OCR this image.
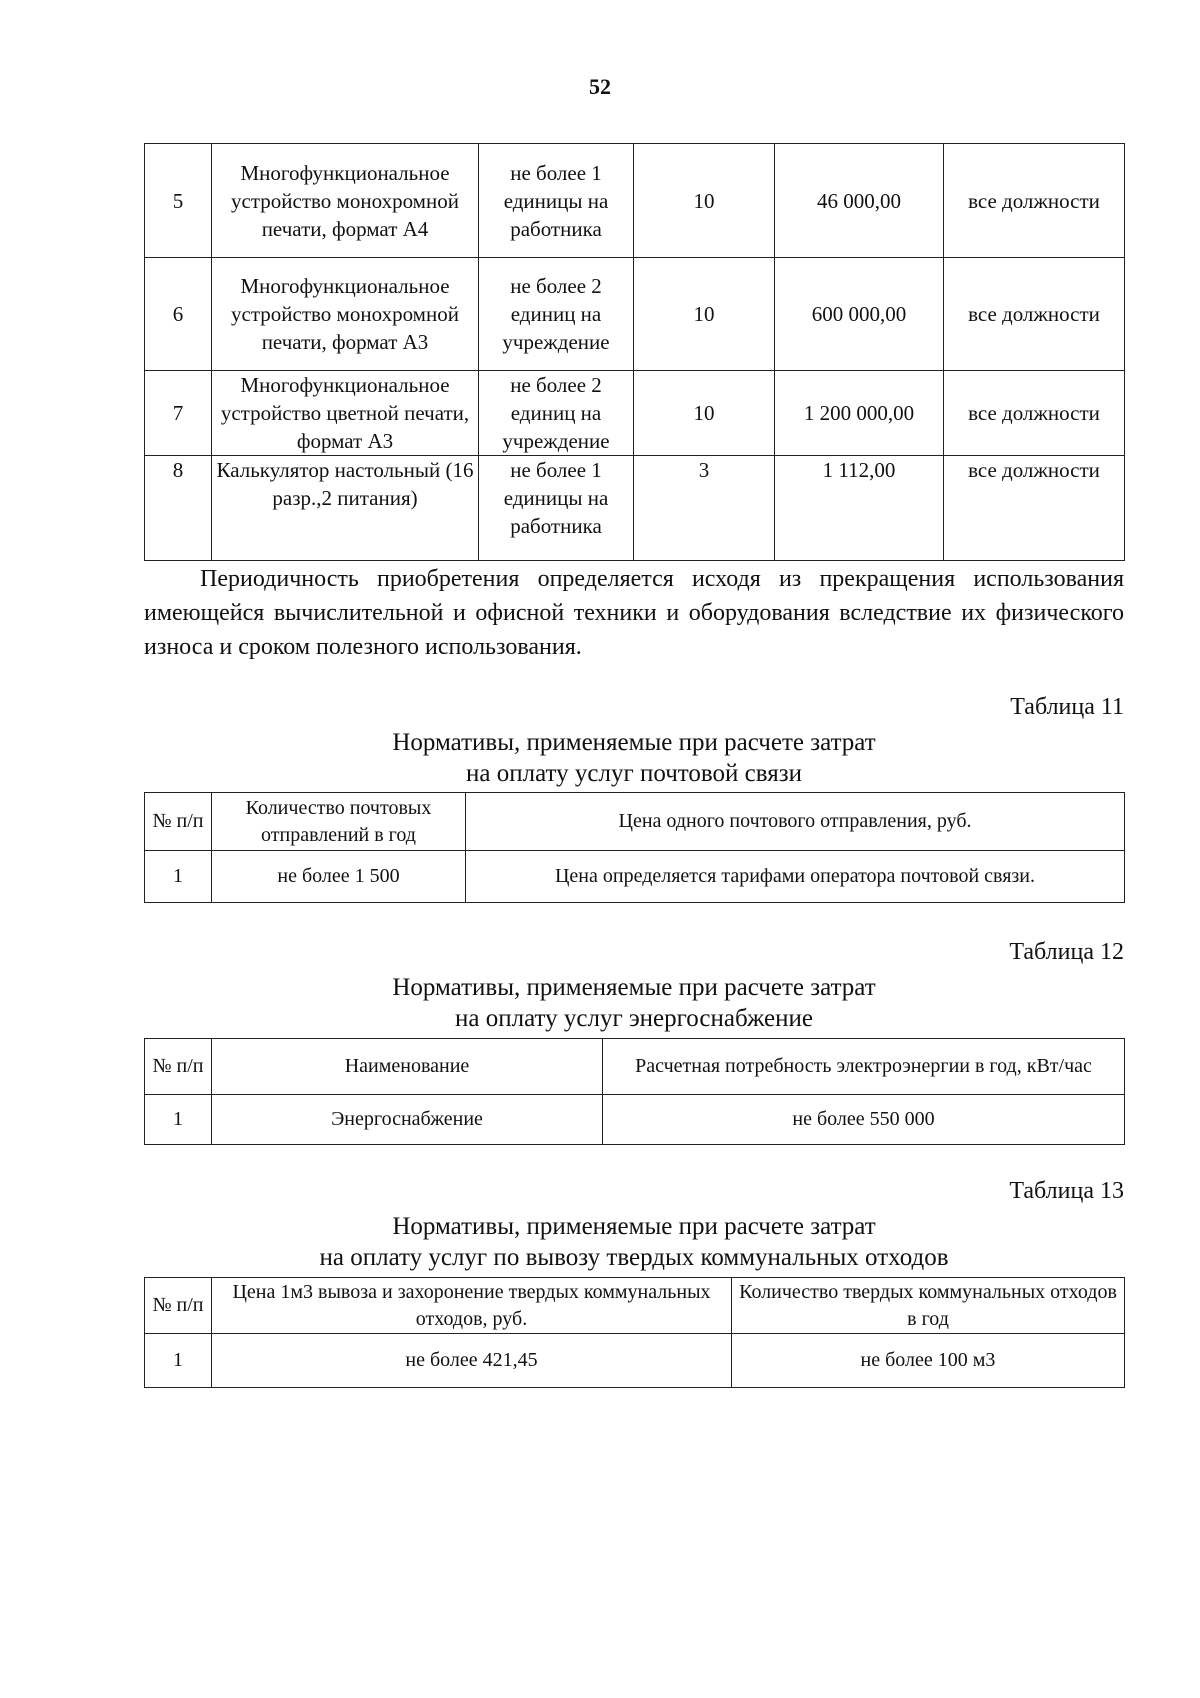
52
5	Многофункциональное устройство монохромной печати, формат А4	не более 1 единицы на работника	10	46 000,00	все должности
6	Многофункциональное устройство монохромной печати, формат А3	не более 2 единиц на учреждение	10	600 000,00	все должности
7	Многофункциональное устройство цветной печати, формат А3	не более 2 единиц на учреждение	10	1 200 000,00	все должности
8	Калькулятор настольный (16 разр.,2 питания)	не более 1 единицы на работника	3	1 112,00	все должности

Периодичность приобретения определяется исходя из прекращения использования имеющейся вычислительной и офисной техники и оборудования вследствие их физического износа и сроком полезного использования.

Таблица 11
Нормативы, применяемые при расчете затрат
на оплату услуг почтовой связи
№ п/п	Количество почтовых отправлений в год	Цена одного почтового отправления, руб.
1	не более 1 500	Цена определяется тарифами оператора почтовой связи.
Таблица 12
Нормативы, применяемые при расчете затрат
на оплату услуг энергоснабжение
№ п/п	Наименование	Расчетная потребность электроэнергии в год, кВт/час
1	Энергоснабжение	не более 550 000
Таблица 13
Нормативы, применяемые при расчете затрат
на оплату услуг по вывозу твердых коммунальных отходов
№ п/п	Цена 1м3 вывоза и захоронение твердых коммунальных отходов, руб.	Количество твердых коммунальных отходов в год
1	не более 421,45	не более 100 м3
